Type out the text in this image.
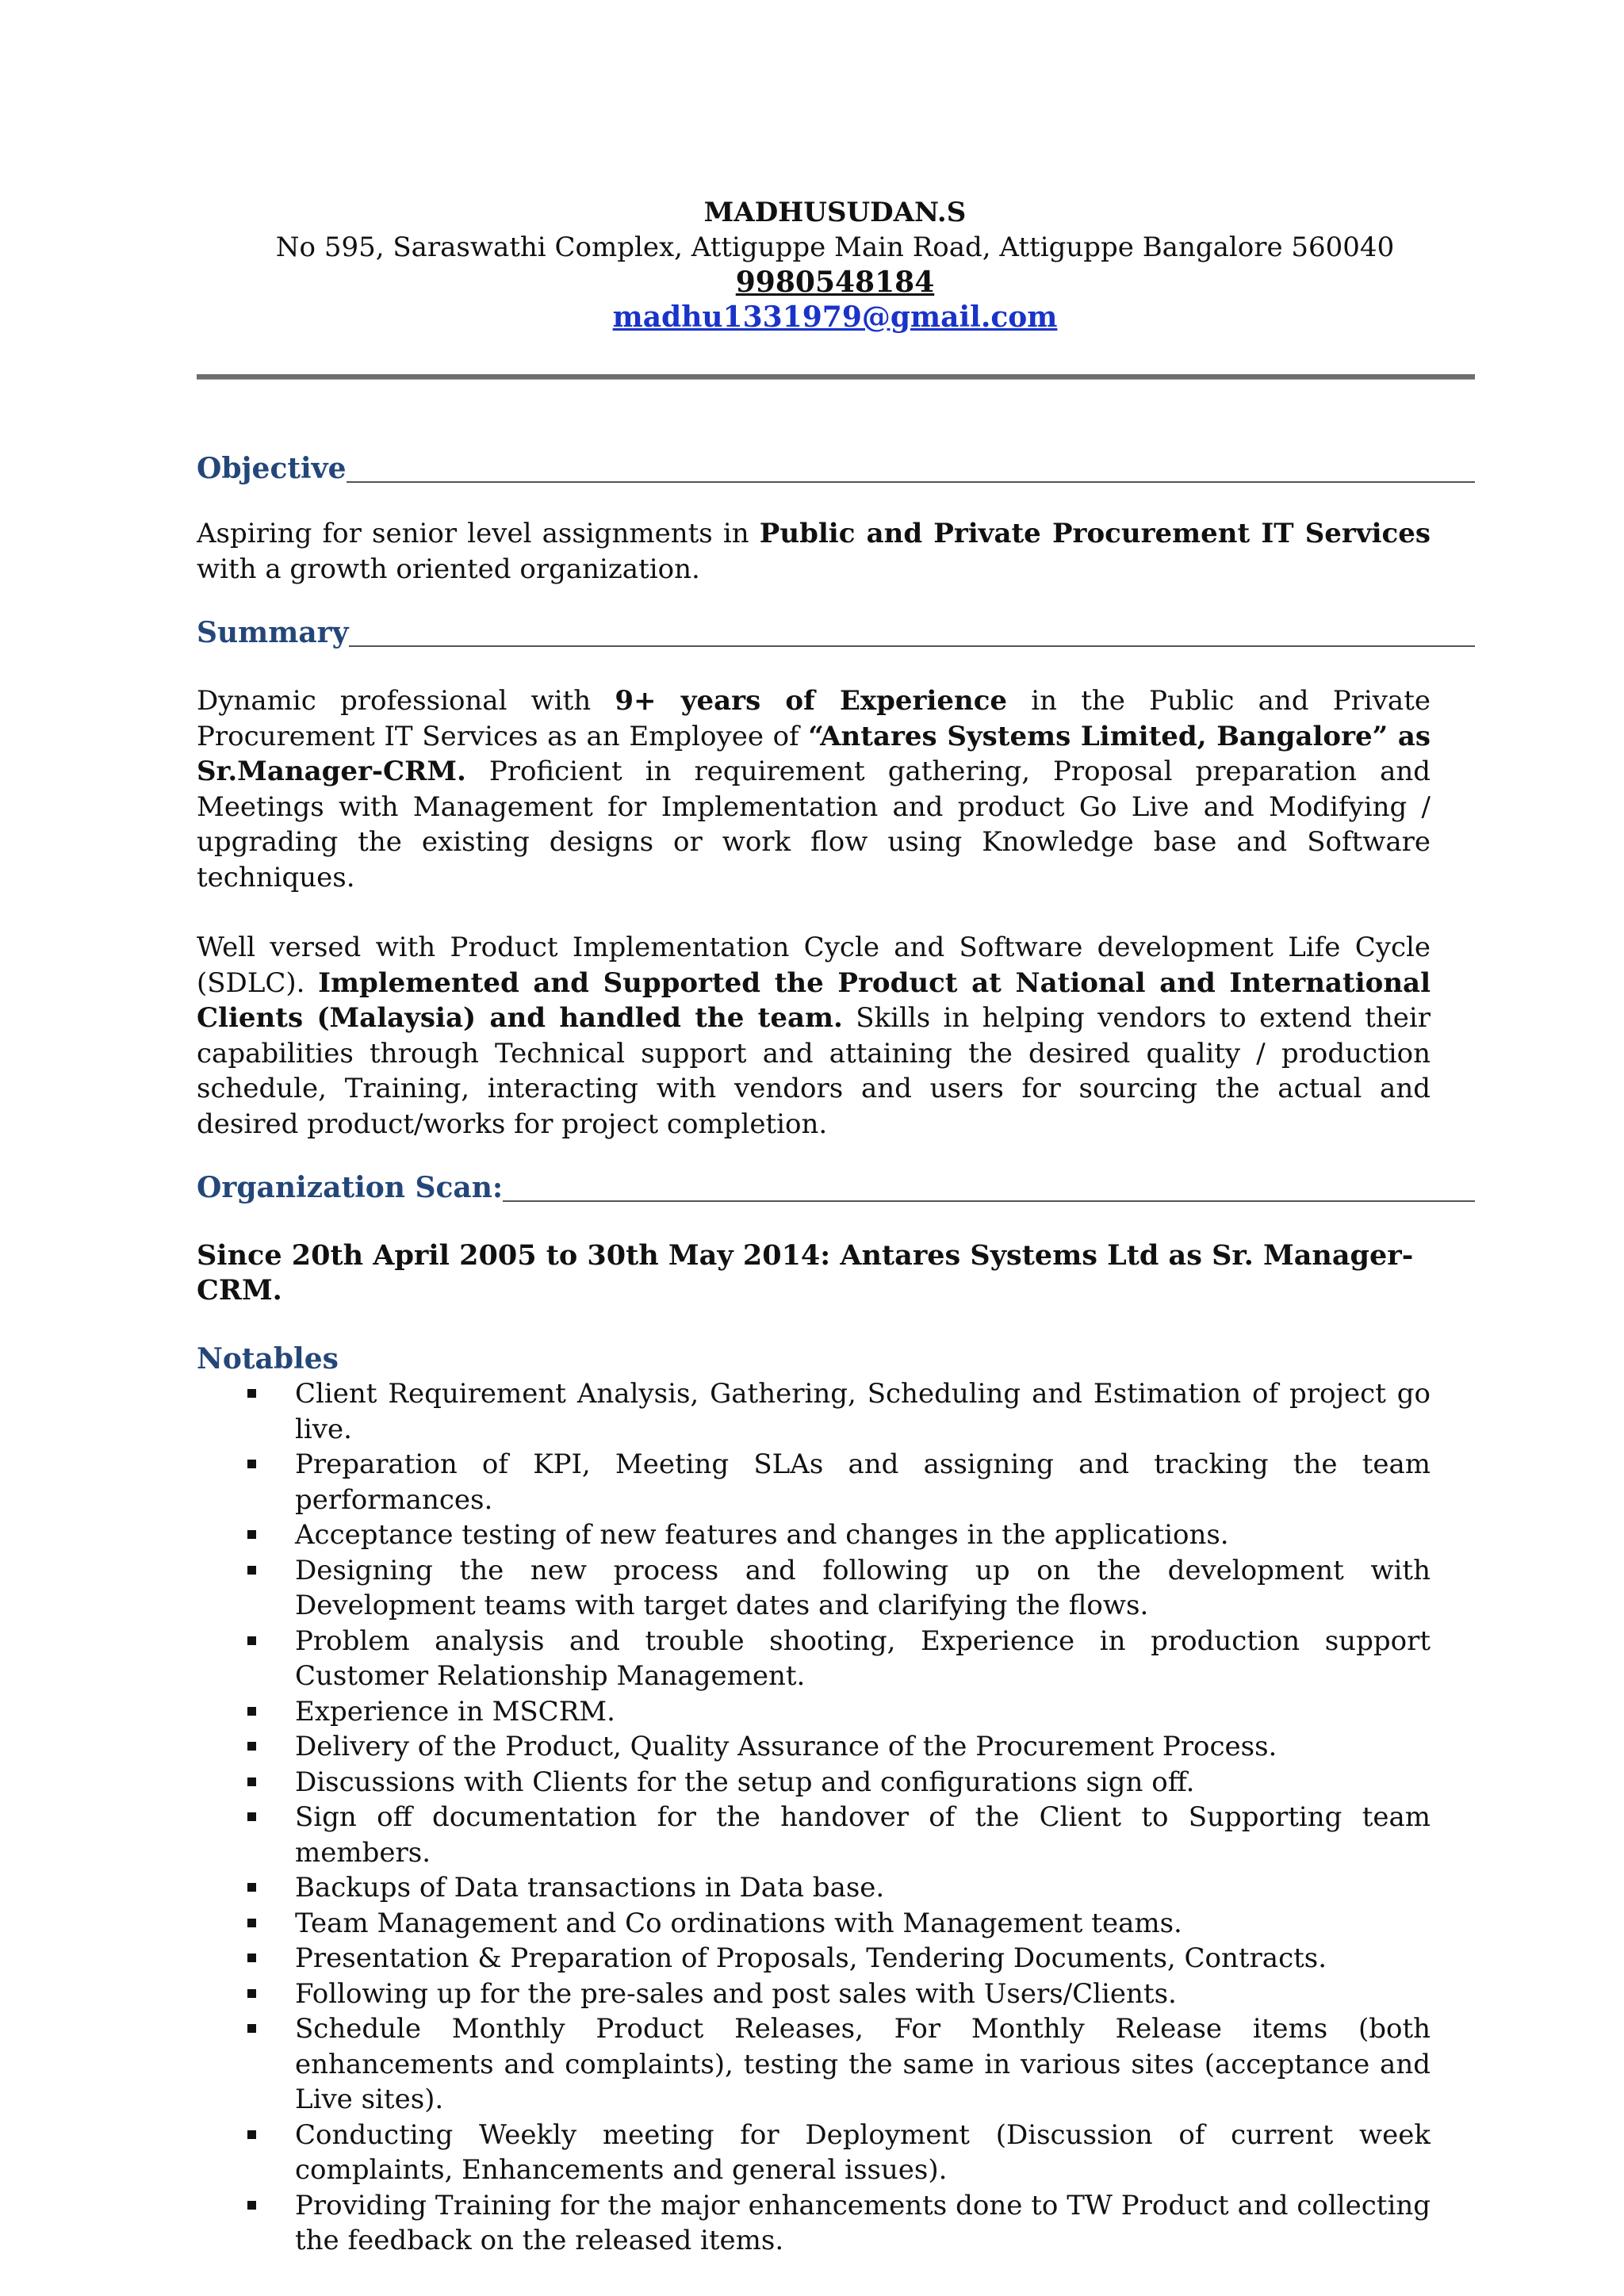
MADHUSUDAN.S
No 595, Saraswathi Complex, Attiguppe Main Road, Attiguppe Bangalore 560040
9980548184
madhu1331979@gmail.com
Objective
Aspiring for senior level assignments in Public and Private Procurement IT Services with a growth oriented organization.
Summary
Dynamic professional with 9+ years of Experience in the Public and Private Procurement IT Services as an Employee of “Antares Systems Limited, Bangalore” as Sr.Manager-CRM. Proficient in requirement gathering, Proposal preparation and Meetings with Management for Implementation and product Go Live and Modifying / upgrading the existing designs or work flow using Knowledge base and Software techniques.
Well versed with Product Implementation Cycle and Software development Life Cycle (SDLC). Implemented and Supported the Product at National and International Clients (Malaysia) and handled the team. Skills in helping vendors to extend their capabilities through Technical support and attaining the desired quality / production schedule, Training, interacting with vendors and users for sourcing the actual and desired product/works for project completion.
Organization Scan:
Since 20th April 2005 to 30th May 2014: Antares Systems Ltd as Sr. Manager-CRM.
Notables
Client Requirement Analysis, Gathering, Scheduling and Estimation of project go live.
Preparation of KPI, Meeting SLAs and assigning and tracking the team performances.
Acceptance testing of new features and changes in the applications.
Designing the new process and following up on the development with Development teams with target dates and clarifying the flows.
Problem analysis and trouble shooting, Experience in production support Customer Relationship Management.
Experience in MSCRM.
Delivery of the Product, Quality Assurance of the Procurement Process.
Discussions with Clients for the setup and configurations sign off.
Sign off documentation for the handover of the Client to Supporting team members.
Backups of Data transactions in Data base.
Team Management and Co ordinations with Management teams.
Presentation & Preparation of Proposals, Tendering Documents, Contracts.
Following up for the pre-sales and post sales with Users/Clients.
Schedule Monthly Product Releases, For Monthly Release items (both enhancements and complaints), testing the same in various sites (acceptance and Live sites).
Conducting Weekly meeting for Deployment (Discussion of current week complaints, Enhancements and general issues).
Providing Training for the major enhancements done to TW Product and collecting the feedback on the released items.
